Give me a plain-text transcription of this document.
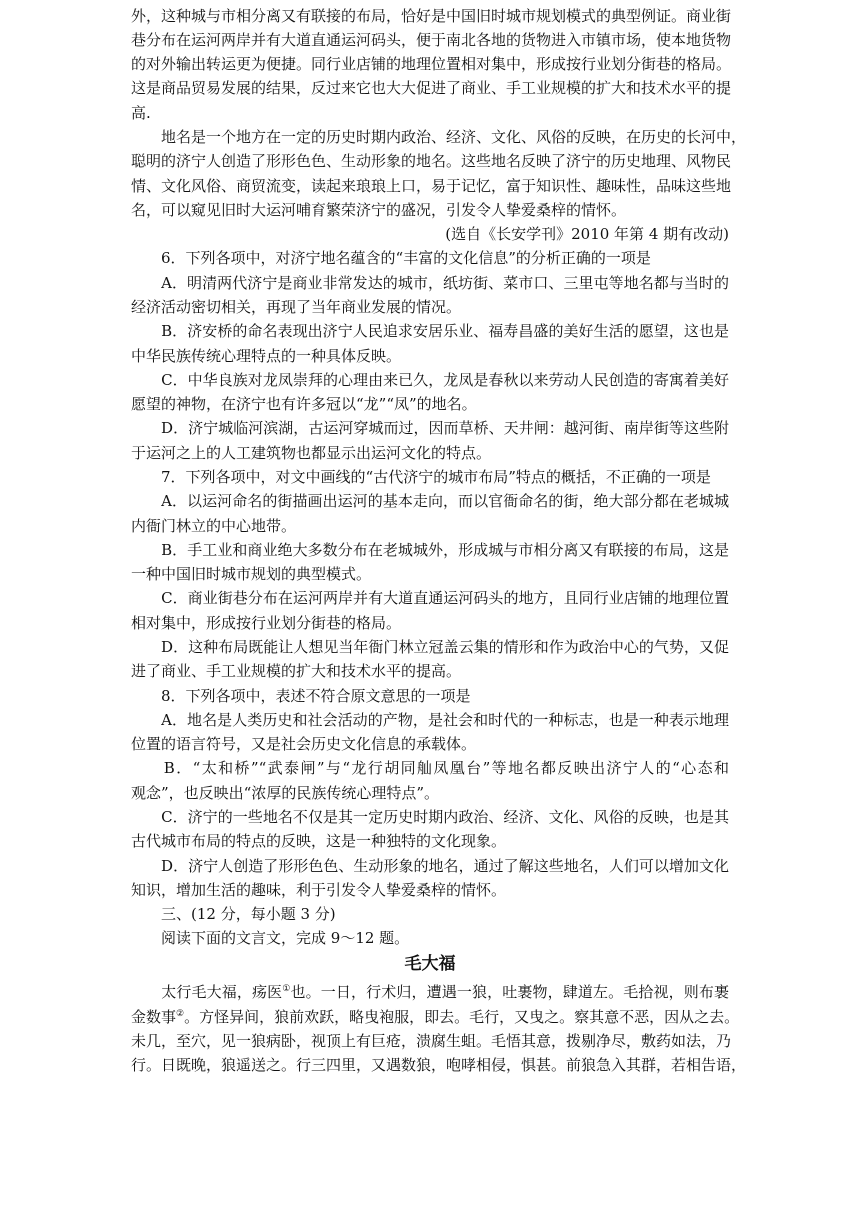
外，这种城与市相分离又有联接的布局，恰好是中国旧时城市规划模式的典型例证。商业街
巷分布在运河两岸并有大道直通运河码头，便于南北各地的货物进入市镇市场，使本地货物
的对外输出转运更为便捷。同行业店铺的地理位置相对集中，形成按行业划分街巷的格局。
这是商品贸易发展的结果，反过来它也大大促进了商业、手工业规模的扩大和技术水平的提
高.
　　地名是一个地方在一定的历史时期内政治、经济、文化、风俗的反映，在历史的长河中，
聪明的济宁人创造了形形色色、生动形象的地名。这些地名反映了济宁的历史地理、风物民
情、文化风俗、商贸流变，读起来琅琅上口，易于记忆，富于知识性、趣味性，品味这些地
名，可以窥见旧时大运河哺育繁荣济宁的盛况，引发令人挚爱桑梓的情怀。
(选自《长安学刊》2010 年第 4 期有改动)
　　6．下列各项中，对济宁地名蕴含的“丰富的文化信息”的分析正确的一项是
　　A．明清两代济宁是商业非常发达的城市，纸坊街、菜市口、三里屯等地名都与当时的
经济活动密切相关，再现了当年商业发展的情况。
　　B．济安桥的命名表现出济宁人民追求安居乐业、福寿昌盛的美好生活的愿望，这也是
中华民族传统心理特点的一种具体反映。
　　C．中华良族对龙凤崇拜的心理由来已久，龙凤是春秋以来劳动人民创造的寄寓着美好
愿望的神物，在济宁也有许多冠以“龙”“凤”的地名。
　　D．济宁城临河滨湖，古运河穿城而过，因而草桥、天井闸：越河街、南岸街等这些附
于运河之上的人工建筑物也都显示出运河文化的特点。
　　7．下列各项中，对文中画线的“古代济宁的城市布局”特点的概括，不正确的一项是
　　A．以运河命名的街描画出运河的基本走向，而以官衙命名的街，绝大部分都在老城城
内衙门林立的中心地带。
　　B．手工业和商业绝大多数分布在老城城外，形成城与市相分离又有联接的布局，这是
一种中国旧时城市规划的典型模式。
　　C．商业街巷分布在运河两岸并有大道直通运河码头的地方，且同行业店铺的地理位置
相对集中，形成按行业划分街巷的格局。
　　D．这种布局既能让人想见当年衙门林立冠盖云集的情形和作为政治中心的气势，又促
进了商业、手工业规模的扩大和技术水平的提高。
　　8．下列各项中，表述不符合原文意思的一项是
　　A．地名是人类历史和社会活动的产物，是社会和时代的一种标志，也是一种表示地理
位置的语言符号，又是社会历史文化信息的承载体。
　　B．“太和桥”“武泰闸”与“龙行胡同舢凤凰台”等地名都反映出济宁人的“心态和
观念”，也反映出“浓厚的民族传统心理特点”。
　　C．济宁的一些地名不仅是其一定历史时期内政治、经济、文化、风俗的反映，也是其
古代城市布局的特点的反映，这是一种独特的文化现象。
　　D．济宁人创造了形形色色、生动形象的地名，通过了解这些地名，人们可以增加文化
知识，增加生活的趣味，利于引发令人挚爱桑梓的情怀。
　　三、(12 分，每小题 3 分)
　　阅读下面的文言文，完成 9～12 题。
毛大福
　　太行毛大福，疡医①也。一日，行术归，遭遇一狼，吐裹物，肆道左。毛拾视，则布裹
金数事②。方怪异间，狼前欢跃，略曳袍服，即去。毛行，又曳之。察其意不恶，因从之去。
未几，至穴，见一狼病卧，视顶上有巨疮，溃腐生蛆。毛悟其意，拨剔净尽，敷药如法，乃
行。日既晚，狼遥送之。行三四里，又遇数狼，咆哮相侵，惧甚。前狼急入其群，若相告语，
